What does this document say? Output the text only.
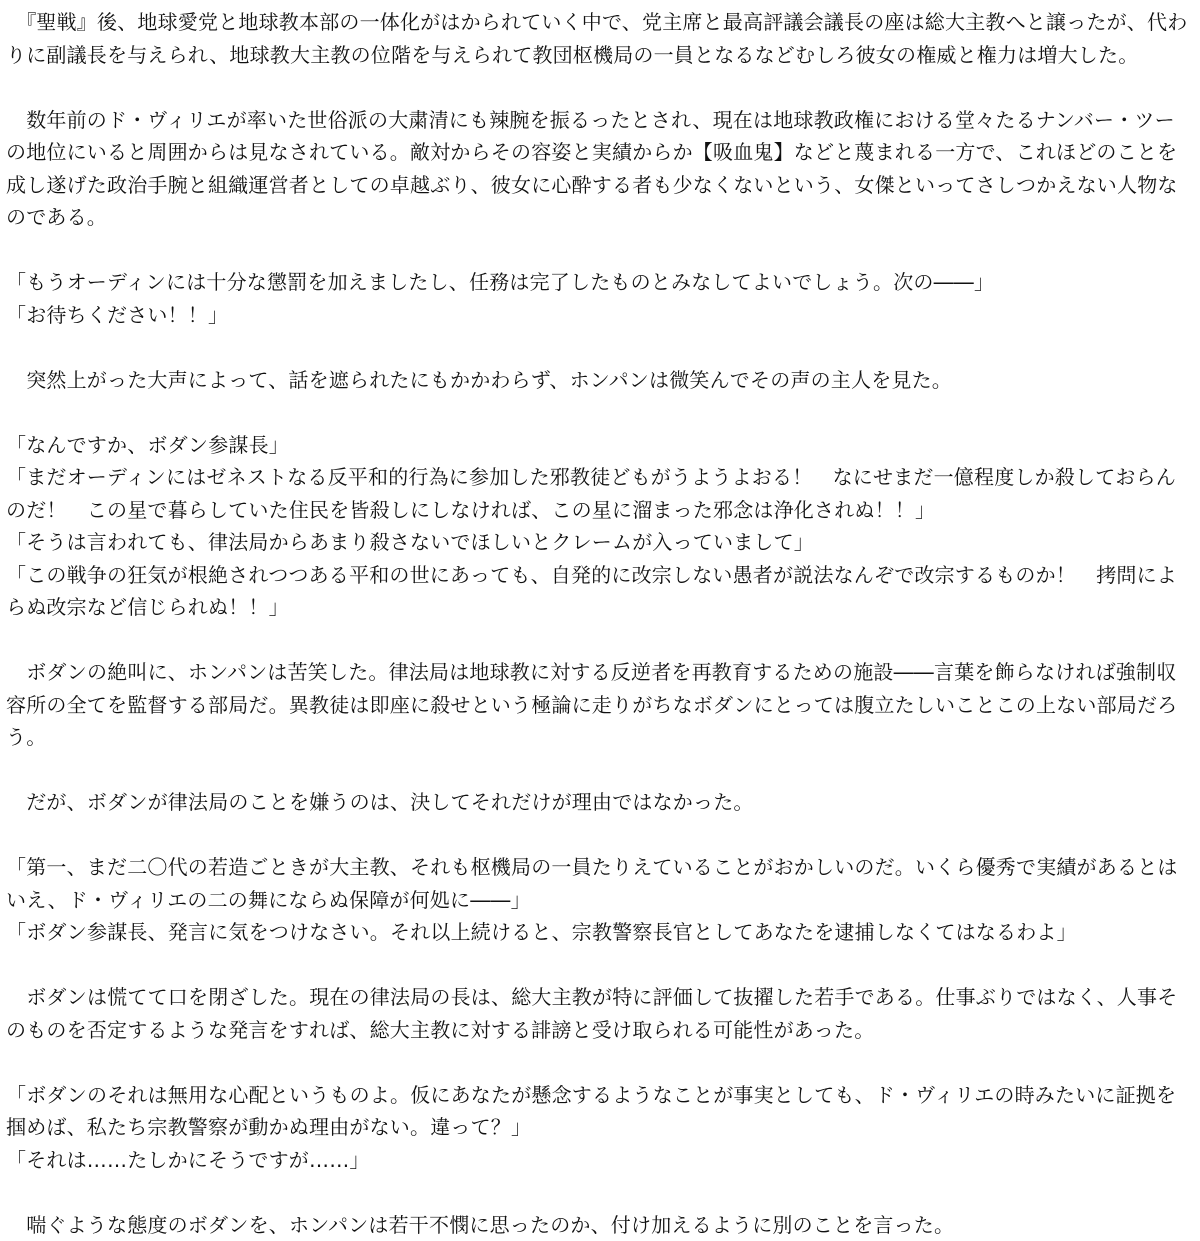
　『聖戦』後、地球愛党と地球教本部の一体化がはかられていく中で、党主席と最高評議会議長の座は総大主教へと譲ったが、代わりに副議長を与えられ、地球教大主教の位階を与えられて教団枢機局の一員となるなどむしろ彼女の権威と権力は増大した。

　数年前のド・ヴィリエが率いた世俗派の大粛清にも辣腕を振るったとされ、現在は地球教政権における堂々たるナンバー・ツーの地位にいると周囲からは見なされている。敵対からその容姿と実績からか【吸血鬼】などと蔑まれる一方で、これほどのことを成し遂げた政治手腕と組織運営者としての卓越ぶり、彼女に心酔する者も少なくないという、女傑といってさしつかえない人物なのである。

「もうオーディンには十分な懲罰を加えましたし、任務は完了したものとみなしてよいでしょう。次の――」

「お待ちください！！」

　突然上がった大声によって、話を遮られたにもかかわらず、ホンパンは微笑んでその声の主人を見た。

「なんですか、ボダン参謀長」

「まだオーディンにはゼネストなる反平和的行為に参加した邪教徒どもがうようよおる！　なにせまだ一億程度しか殺しておらんのだ！　この星で暮らしていた住民を皆殺しにしなければ、この星に溜まった邪念は浄化されぬ！！」

「そうは言われても、律法局からあまり殺さないでほしいとクレームが入っていまして」

「この戦争の狂気が根絶されつつある平和の世にあっても、自発的に改宗しない愚者が説法なんぞで改宗するものか！　拷問によらぬ改宗など信じられぬ！！」

　ボダンの絶叫に、ホンパンは苦笑した。律法局は地球教に対する反逆者を再教育するための施設――言葉を飾らなければ強制収容所の全てを監督する部局だ。異教徒は即座に殺せという極論に走りがちなボダンにとっては腹立たしいことこの上ない部局だろう。

　だが、ボダンが律法局のことを嫌うのは、決してそれだけが理由ではなかった。

「第一、まだ二〇代の若造ごときが大主教、それも枢機局の一員たりえていることがおかしいのだ。いくら優秀で実績があるとはいえ、ド・ヴィリエの二の舞にならぬ保障が何処に――」

「ボダン参謀長、発言に気をつけなさい。それ以上続けると、宗教警察長官としてあなたを逮捕しなくてはなるわよ」

　ボダンは慌てて口を閉ざした。現在の律法局の長は、総大主教が特に評価して抜擢した若手である。仕事ぶりではなく、人事そのものを否定するような発言をすれば、総大主教に対する誹謗と受け取られる可能性があった。

「ボダンのそれは無用な心配というものよ。仮にあなたが懸念するようなことが事実としても、ド・ヴィリエの時みたいに証拠を掴めば、私たち宗教警察が動かぬ理由がない。違って？」

「それは……たしかにそうですが……」

　喘ぐような態度のボダンを、ホンパンは若干不憫に思ったのか、付け加えるように別のことを言った。
